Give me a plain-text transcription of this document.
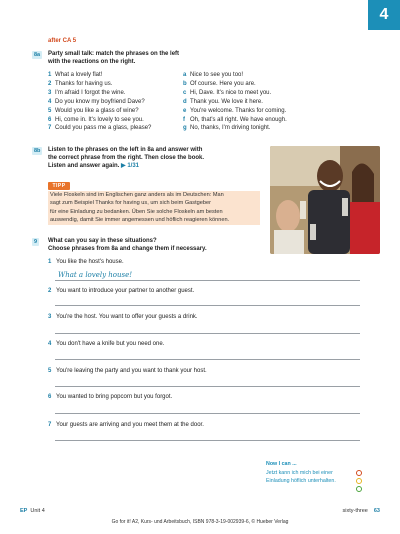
4
after CA 5
8a	Party small talk: match the phrases on the left
with the reactions on the right.
1 What a lovely flat!
2 Thanks for having us.
3 I'm afraid I forgot the wine.
4 Do you know my boyfriend Dave?
5 Would you like a glass of wine?
6 Hi, come in. It's lovely to see you.
7 Could you pass me a glass, please?
a Nice to see you too!
b Of course. Here you are.
c Hi, Dave. It's nice to meet you.
d Thank you. We love it here.
e You're welcome. Thanks for coming.
f Oh, that's all right. We have enough.
g No, thanks, I'm driving tonight.
8b	Listen to the phrases on the left in 8a and answer with
the correct phrase from the right. Then close the book.
Listen and answer again. ▶ 1/31
TIPP
Viele Floskeln sind im Englischen ganz anders als im Deutschen: Man
sagt zum Beispiel Thanks for having us, um sich beim Gastgeber
für eine Einladung zu bedanken. Üben Sie solche Floskeln am besten
auswendig, damit Sie immer angemessen und höflich reagieren können.
9	What can you say in these situations?
Choose phrases from 8a and change them if necessary.
1 You like the host's house.
What a lovely house!
2 You want to introduce your partner to another guest.
3 You're the host. You want to offer your guests a drink.
4 You don't have a knife but you need one.
5 You're leaving the party and you want to thank your host.
6 You wanted to bring popcorn but you forgot.
7 Your guests are arriving and you meet them at the door.
Now I can ...
Jetzt kann ich mich bei einer
Einladung höflich unterhalten.
EP Unit 4	sixty-three 63
Go for it! A2, Kurs- und Arbeitsbuch, ISBN 978-3-19-002939-6, © Hueber Verlag
